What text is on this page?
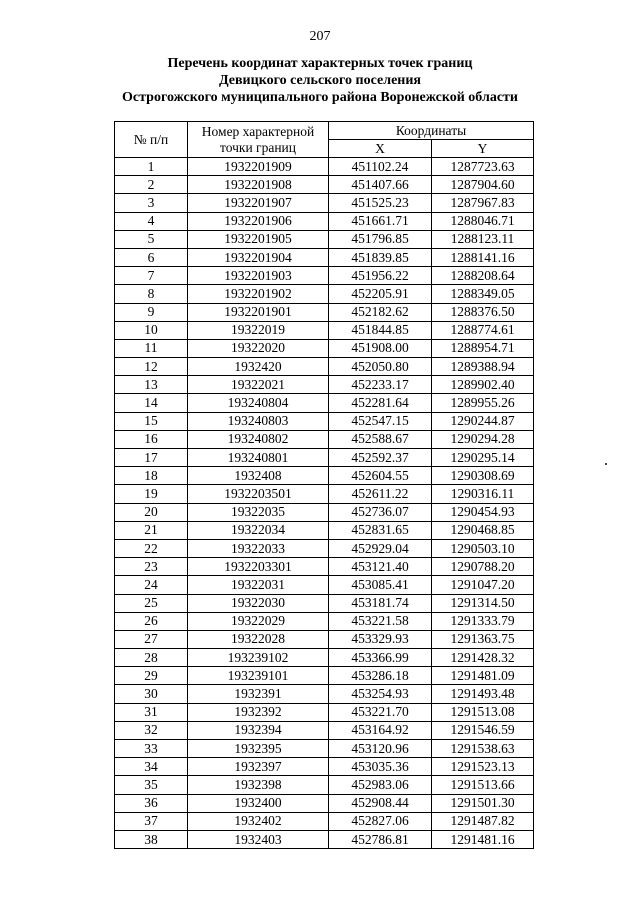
207
Перечень координат характерных точек границ
Девицкого сельского поселения
Острогожского муниципального района Воронежской области
№ п/п	Номер характерной
точки границ	Координаты	
		X	Y
1	1932201909	451102.24	1287723.63
2	1932201908	451407.66	1287904.60
3	1932201907	451525.23	1287967.83
4	1932201906	451661.71	1288046.71
5	1932201905	451796.85	1288123.11
6	1932201904	451839.85	1288141.16
7	1932201903	451956.22	1288208.64
8	1932201902	452205.91	1288349.05
9	1932201901	452182.62	1288376.50
10	19322019	451844.85	1288774.61
11	19322020	451908.00	1288954.71
12	1932420	452050.80	1289388.94
13	19322021	452233.17	1289902.40
14	193240804	452281.64	1289955.26
15	193240803	452547.15	1290244.87
16	193240802	452588.67	1290294.28
17	193240801	452592.37	1290295.14
18	1932408	452604.55	1290308.69
19	1932203501	452611.22	1290316.11
20	19322035	452736.07	1290454.93
21	19322034	452831.65	1290468.85
22	19322033	452929.04	1290503.10
23	1932203301	453121.40	1290788.20
24	19322031	453085.41	1291047.20
25	19322030	453181.74	1291314.50
26	19322029	453221.58	1291333.79
27	19322028	453329.93	1291363.75
28	193239102	453366.99	1291428.32
29	193239101	453286.18	1291481.09
30	1932391	453254.93	1291493.48
31	1932392	453221.70	1291513.08
32	1932394	453164.92	1291546.59
33	1932395	453120.96	1291538.63
34	1932397	453035.36	1291523.13
35	1932398	452983.06	1291513.66
36	1932400	452908.44	1291501.30
37	1932402	452827.06	1291487.82
38	1932403	452786.81	1291481.16
